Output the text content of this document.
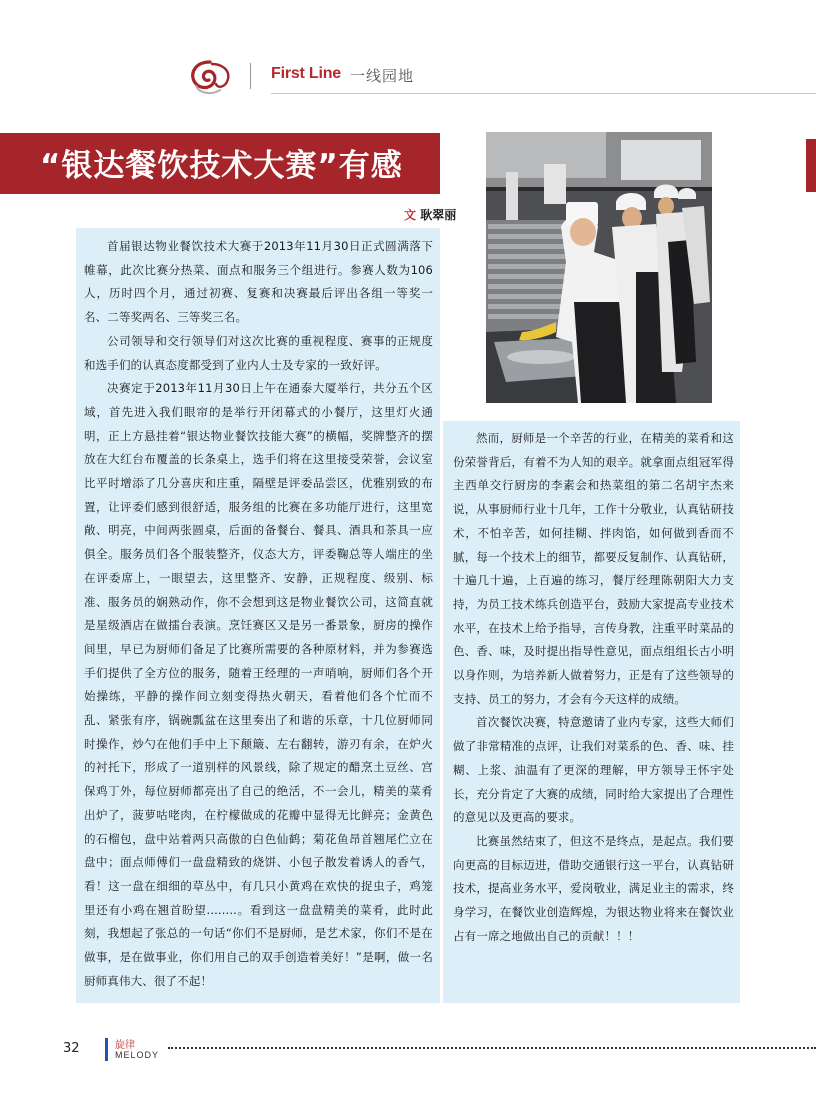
First Line 一线园地
“银达餐饮技术大赛”有感
文 耿翠丽

首届银达物业餐饮技术大赛于2013年11月30日正式圆满落下帷幕，此次比赛分热菜、面点和服务三个组进行。参赛人数为106人，历时四个月，通过初赛、复赛和决赛最后评出各组一等奖一名、二等奖两名、三等奖三名。

公司领导和交行领导们对这次比赛的重视程度、赛事的正规度和选手们的认真态度都受到了业内人士及专家的一致好评。

决赛定于2013年11月30日上午在通泰大厦举行，共分五个区域，首先进入我们眼帘的是举行开闭幕式的小餐厅，这里灯火通明，正上方悬挂着“银达物业餐饮技能大赛”的横幅，奖牌整齐的摆放在大红台布覆盖的长条桌上，选手们将在这里接受荣誉，会议室比平时增添了几分喜庆和庄重，隔壁是评委品尝区，优雅别致的布置，让评委们感到很舒适，服务组的比赛在多功能厅进行，这里宽敞、明亮，中间两张圆桌，后面的备餐台、餐具、酒具和茶具一应俱全。服务员们各个服装整齐，仪态大方，评委鞠总等人端庄的坐在评委席上，一眼望去，这里整齐、安静，正规程度、级别、标准、服务员的娴熟动作，你不会想到这是物业餐饮公司，这简直就是星级酒店在做擂台表演。烹饪赛区又是另一番景象，厨房的操作间里，早已为厨师们备足了比赛所需要的各种原材料，并为参赛选手们提供了全方位的服务，随着王经理的一声哨响，厨师们各个开始操练，平静的操作间立刻变得热火朝天，看着他们各个忙而不乱、紧张有序，锅碗瓢盆在这里奏出了和谐的乐章，十几位厨师同时操作，炒勺在他们手中上下颠簸、左右翻转，游刃有余，在炉火的衬托下，形成了一道别样的风景线，除了规定的醋烹土豆丝、宫保鸡丁外，每位厨师都亮出了自己的绝活，不一会儿，精美的菜肴出炉了，菠萝咕咾肉，在柠檬做成的花瓣中显得无比鲜亮；金黄色的石榴包，盘中站着两只高傲的白色仙鹤；菊花鱼昂首翘尾伫立在盘中；面点师傅们一盘盘精致的烧饼、小包子散发着诱人的香气，看！这一盘在细细的草丛中，有几只小黄鸡在欢快的捉虫子，鸡笼里还有小鸡在翘首盼望........。看到这一盘盘精美的菜肴，此时此刻，我想起了张总的一句话“你们不是厨师，是艺术家，你们不是在做事，是在做事业，你们用自己的双手创造着美好！”是啊，做一名厨师真伟大、很了不起！

然而，厨师是一个辛苦的行业，在精美的菜肴和这份荣誉背后，有着不为人知的艰辛。就拿面点组冠军得主西单交行厨房的李素会和热菜组的第二名胡宇杰来说，从事厨师行业十几年，工作十分敬业，认真钻研技术，不怕辛苦，如何挂糊、拌肉馅，如何做到香而不腻，每一个技术上的细节，都要反复制作、认真钻研，十遍几十遍，上百遍的练习，餐厅经理陈朝阳大力支持，为员工技术练兵创造平台，鼓励大家提高专业技术水平，在技术上给予指导，言传身教，注重平时菜品的色、香、味，及时提出指导性意见，面点组组长古小明以身作则，为培养新人做着努力，正是有了这些领导的支持、员工的努力，才会有今天这样的成绩。

首次餐饮决赛，特意邀请了业内专家，这些大师们做了非常精准的点评，让我们对菜系的色、香、味、挂糊、上浆、油温有了更深的理解，甲方领导王怀宇处长，充分肯定了大赛的成绩，同时给大家提出了合理性的意见以及更高的要求。

比赛虽然结束了，但这不是终点，是起点。我们要向更高的目标迈进，借助交通银行这一平台，认真钻研技术，提高业务水平，爱岗敬业，满足业主的需求，终身学习，在餐饮业创造辉煌，为银达物业将来在餐饮业占有一席之地做出自己的贡献！！！

32	旋律
MELODY
